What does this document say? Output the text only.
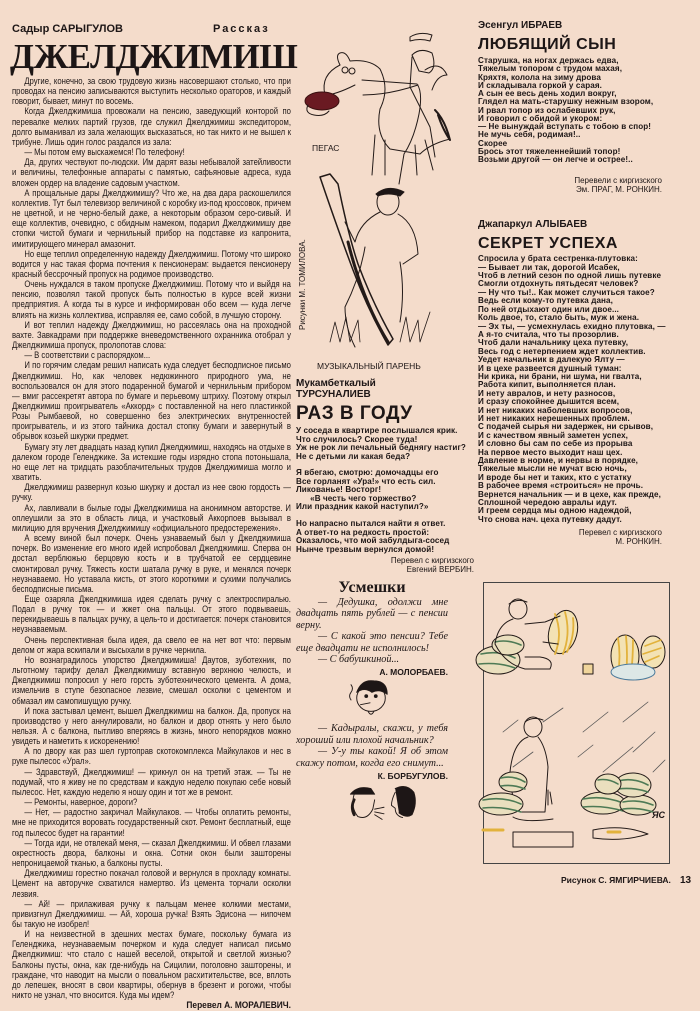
Садыр САРЫГУЛОВ	Рассказ
ДЖЕЛДЖИМИШ

Другие, конечно, за свою трудовую жизнь насовершают столько, что при проводах на пенсию записываются выступить несколько ораторов, и каждый говорит, бывает, минут по восемь.

Когда Джелджимиша провожали на пенсию, заведующий конторой по перевалке мелких партий грузов, где служил Джелджимиш экспедитором, долго выманивал из зала желающих высказаться, но так никто и не вышел к трибуне. Лишь один голос раздался из зала:

— Мы потом ему выскажемся! По телефону!

Да, других чествуют по-людски. Им дарят вазы небывалой затейливости и величины, телефонные аппараты с памятью, сафьяновые адреса, куда вложен ордер на владение садовым участком.

А прощальные дары Джелджимишу? Что же, на два дара раскошелился коллектив. Тут был телевизор величиной с коробку из-под кроссовок, причем не цветной, и не черно-белый даже, а некоторым образом серо-сивый. И еще коллектив, очевидно, с обидным намеком, подарил Джелджимишу две стопки чистой бумаги и чернильный прибор на подставке из капронита, имитирующего минерал амазонит.

Но еще теплил определенную надежду Джелджимиш. Потому что широко водится у нас такая форма почтения к пенсионерам: выдается пенсионеру красный бессрочный пропуск на родимое производство.

Очень нуждался в таком пропуске Джелджимиш. Потому что и выйдя на пенсию, позволял такой пропуск быть полностью в курсе всей жизни предприятия. А когда ты в курсе и информирован обо всем — куда легче влиять на жизнь коллектива, исправляя ее, само собой, в лучшую сторону.

И вот теплил надежду Джелджимиш, но рассеялась она на проходной вахте. Завкадрами при поддержке вневедомственного охранника отобрал у Джелджимиша пропуск, пролопотав слова:

— В соответствии с распорядком...

И по горячим следам решил написать куда следует бесподписное письмо Джелджимиш. Но, как человек недюжинного природного ума, не воспользовался он для этого подаренной бумагой и чернильным прибором — вмиг рассекретят автора по бумаге и перьевому штриху. Поэтому открыл Джелджимиш проигрыватель «Аккорд» с поставленной на него пластинкой Розы Рымбаевой, но совершенно без электрических внутренностей проигрыватель, и из этого тайника достал стопку бумаги и завернутый в обрывок козьей шкурки предмет.

Бумагу эту лет двадцать назад купил Джелджимиш, находясь на отдыхе в далеком городе Геленджике. За истекшие годы изрядно стопа потоньшала, но еще лет на тридцать разоблачительных трудов Джелджимиша могло и хватить.

Джелджимиш развернул козью шкурку и достал из нее свою гордость — ручку.

Ах, лавливали в былые годы Джелджимиша на анонимном авторстве. И оплеушили за это в область лица, и участковый Аккорпоев вызывал в милицию для вручения Джелджимишу «официального предостережения».

А всему виной был почерк. Очень узнаваемый был у Джелджимиша почерк. Во изменение его много идей испробовал Джелджимиш. Сперва он достал верблюжью берцовую кость и в трубчатой ее сердцевине смонтировал ручку. Тяжесть кости шатала ручку в руке, и менялся почерк неузнаваемо. Но уставала кисть, от этого короткими и сухими получались бесподписные письма.

Еще озаряла Джелджимиша идея сделать ручку с электроспиралью. Подал в ручку ток — и жжет она пальцы. От этого подвываешь, перекидываешь в пальцах ручку, а цель-то и достигается: почерк становится неузнаваемым.

Очень перспективная была идея, да свело ее на нет вот что: первым делом от жара вскипали и высыхали в ручке чернила.

Но вознаградилось упорство Джелджимиша! Даутов, зуботехник, по льготному тарифу делал Джелджимишу вставную верхнюю челюсть, и Джелджимиш попросил у него горсть зуботехнического цемента. А дома, измельчив в ступе безопасное лезвие, смешал осколки с цементом и обмазал им самопишущую ручку.

И пока застывал цемент, вышел Джелджимиш на балкон. Да, пропуск на производство у него аннулировали, но балкон и двор отнять у него было нельзя. А с балкона, пытливо вперяясь в жизнь, много непорядков можно увидеть и наметить к искоренению!

А по двору как раз шел гуртоправ скотокомплекса Майкулаков и нес в руке пылесос «Урал».

— Здравствуй, Джелджимиш! — крикнул он на третий этаж. — Ты не подумай, что я живу не по средствам и каждую неделю покупаю себе новый пылесос. Нет, каждую неделю я ношу один и тот же в ремонт.

— Ремонты, наверное, дороги?

— Нет, — радостно закричал Майкулаков. — Чтобы оплатить ремонты, мне не приходится воровать государственный скот. Ремонт бесплатный, еще год пылесос будет на гарантии!

— Тогда иди, не отвлекай меня, — сказал Джелджимиш. И обвел глазами окрестность двора, балконы и окна. Сотни окон были зашторены непроницаемой тканью, а балконы пусты.

Джелджимиш горестно покачал головой и вернулся в прохладу комнаты. Цемент на авторучке схватился намертво. Из цемента торчали осколки лезвия.

— Ай! — прилаживая ручку к пальцам менее колкими местами, привизгнул Джелджимиш. — Ай, хороша ручка! Взять Эдисона — нипочем бы такую не изобрел!

И на неизвестной в здешних местах бумаге, поскольку бумага из Геленджика, неузнаваемым почерком и куда следует написал письмо Джелджимиш: что стало с нашей веселой, открытой и светлой жизнью? Балконы пусты, окна, как где-нибудь на Сицилии, поголовно зашторены, и граждане, что наводит на мысли о повальном расхитительстве, все, вплоть до лепешек, вносят в свои квартиры, обернув в брезент и рогожи, чтобы никто не узнал, что вносится. Куда мы идем?

Перевел А. МОРАЛЕВИЧ.
ПЕГАС
Рисунки М. ТОМИЛОВА.
МУЗЫКАЛЬНЫЙ ПАРЕНЬ
Мукамбеткалый
ТУРСУНАЛИЕВ
РАЗ В ГОДУ
У соседа в квартире послышался крик.
Что случилось? Скорее туда!
Уж не рок ли печальный беднягу настиг?
Не с детьми ли какая беда?
Я вбегаю, смотрю: домочадцы его
Все горланят «Ура!» что есть сил.
Ликованье! Восторг!
«В честь чего торжество?
Или праздник какой наступил?»
Но напрасно пытался найти я ответ.
А ответ-то на редкость простой:
Оказалось, что мой забулдыга-сосед
Нынче трезвым вернулся домой!
Перевел с киргизского
Евгений ВЕРБИН.
Усмешки

— Дедушка, одолжи мне двадцать пять рублей — с пенсии верну.

— С какой это пенсии? Тебе еще двадцати не исполнилось!

— С бабушкиной...

А. МОЛОРБАЕВ.

— Кадыралы, скажи, у тебя хороший или плохой начальник?

— У-у ты какой! Я об этом скажу потом, когда его снимут...

К. БОРБУГУЛОВ.
Эсенгул ИБРАЕВ
ЛЮБЯЩИЙ СЫН
Старушка, на ногах держась едва,
Тяжелым топором с трудом махая,
Кряхтя, колола на зиму дрова
И складывала горкой у сарая.
А сын ее весь день ходил вокруг,
Глядел на мать-старушку нежным взором,
И рвал топор из ослабевших рук,
И говорил с обидой и укором:
— Не вынуждай вступать с тобою в спор!
Не мучь себя, родимая!..
Скорее
Брось этот тяжеленнейший топор!
Возьми другой — он легче и острее!..
Перевели с киргизского
Эм. ПРАГ, М. РОНКИН.
Джапаркул АЛЫБАЕВ
СЕКРЕТ УСПЕХА
Спросила у брата сестренка-плутовка:
— Бывает ли так, дорогой Исабек,
Чтоб в летний сезон по одной лишь путевке
Смогли отдохнуть пятьдесят человек?
— Ну что ты!.. Как может случиться такое?
Ведь если кому-то путевка дана,
По ней отдыхают один или двое...
Коль двое, то, стало быть, муж и жена.
— Эх ты, — усмехнулась ехидно плутовка, —
А я-то считала, что ты прозорлив.
Чтоб дали начальнику цеха путевку,
Весь год с нетерпением ждет коллектив.
Уедет начальник в далекую Ялту —
И в цехе развеется душный туман:
Ни крика, ни брани, ни шума, ни гвалта,
Работа кипит, выполняется план.
И нету авралов, и нету разносов,
И сразу спокойнее дышится всем,
И нет никаких наболевших вопросов,
И нет никаких нерешенных проблем.
С подачей сырья ни задержек, ни срывов,
И с качеством явный заметен успех,
И словно бы сам по себе из прорыва
На первое место выходит наш цех.
Давление в норме, и нервы в порядке,
Тяжелые мысли не мучат всю ночь,
И вроде бы нет и таких, кто с устатку
В рабочее время «строиться» не прочь.
Вернется начальник — и в цехе, как прежде,
Сплошной чередою авралы идут.
И греем сердца мы одною надеждой,
Что снова нач. цеха путевку дадут.
Перевел с киргизского
М. РОНКИН.
ЯС
Рисунок С. ЯМГИРЧИЕВА. 13
